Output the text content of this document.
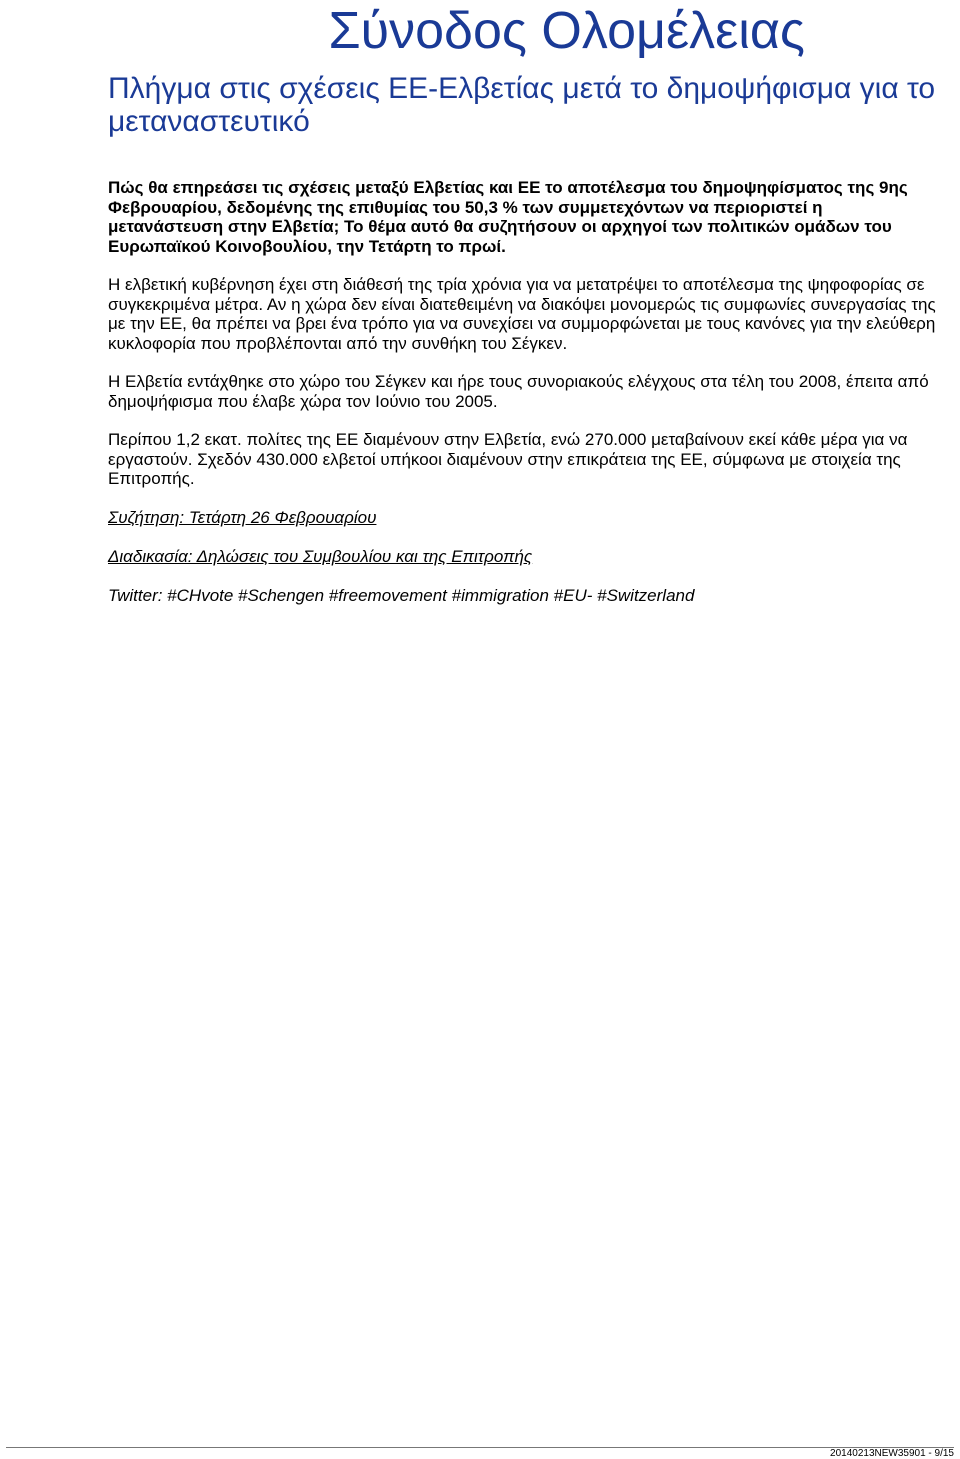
Σύνοδος Ολομέλειας
Πλήγμα στις σχέσεις ΕΕ-Ελβετίας μετά το δημοψήφισμα για το μεταναστευτικό

Πώς θα επηρεάσει τις σχέσεις μεταξύ Ελβετίας και ΕΕ το αποτέλεσμα του δημοψηφίσματος της 9ης Φεβρουαρίου, δεδομένης της επιθυμίας του 50,3 % των συμμετεχόντων να περιοριστεί η μετανάστευση στην Ελβετία; Το θέμα αυτό θα συζητήσουν οι αρχηγοί των πολιτικών ομάδων του Ευρωπαϊκού Κοινοβουλίου, την Τετάρτη το πρωί.

Η ελβετική κυβέρνηση έχει στη διάθεσή της τρία χρόνια για να μετατρέψει το αποτέλεσμα της ψηφοφορίας σε συγκεκριμένα μέτρα. Αν η χώρα δεν είναι διατεθειμένη να διακόψει μονομερώς τις συμφωνίες συνεργασίας της με την ΕΕ, θα πρέπει να βρει ένα τρόπο για να συνεχίσει να συμμορφώνεται με τους κανόνες για την ελεύθερη κυκλοφορία που προβλέπονται από την συνθήκη του Σέγκεν.

Η Ελβετία εντάχθηκε στο χώρο του Σέγκεν και ήρε τους συνοριακούς ελέγχους στα τέλη του 2008, έπειτα από δημοψήφισμα που έλαβε χώρα τον Ιούνιο του 2005.

Περίπου 1,2 εκατ. πολίτες της ΕΕ διαμένουν στην Ελβετία, ενώ 270.000 μεταβαίνουν εκεί κάθε μέρα για να εργαστούν. Σχεδόν 430.000 ελβετοί υπήκοοι διαμένουν στην επικράτεια της ΕΕ, σύμφωνα με στοιχεία της Επιτροπής.

Συζήτηση: Τετάρτη 26 Φεβρουαρίου

Διαδικασία: Δηλώσεις του Συμβουλίου και της Επιτροπής

Twitter: #CHvote #Schengen #freemovement #immigration #EU- #Switzerland

20140213NEW35901 - 9/15
